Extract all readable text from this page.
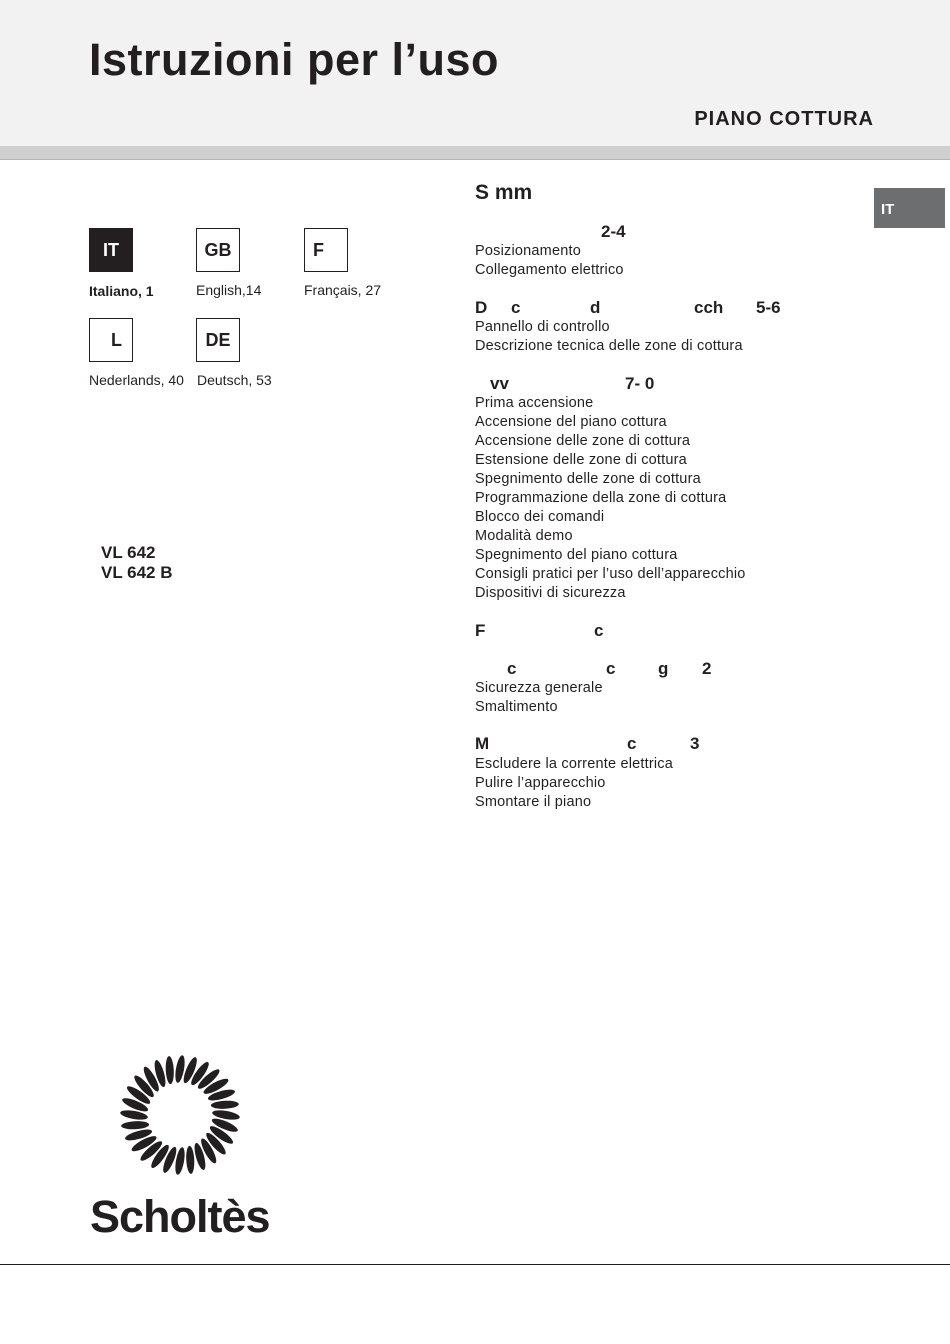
Istruzioni per l’uso
PIANO COTTURA
IT
IT
Italiano, 1
GB
English,14
F
Français, 27
L
Nederlands, 40
DE
Deutsch, 53
VL 642
VL 642 B
S mm
2-4
Posizionamento
Collegamento elettrico
D c	d	cch 5-6
Pannello di controllo
Descrizione tecnica delle zone di cottura
vv	7- 0
Prima accensione
Accensione del piano cottura
Accensione delle zone di cottura
Estensione delle zone di cottura
Spegnimento delle zone di cottura
Programmazione della zone di cottura
Blocco dei comandi
Modalità demo
Spegnimento del piano cottura
Consigli pratici per l’uso dell’apparecchio
Dispositivi di sicurezza
F	c
c	c	g 2
Sicurezza generale
Smaltimento
M	c	3
Escludere la corrente elettrica
Pulire l’apparecchio
Smontare il piano
Scholtès
